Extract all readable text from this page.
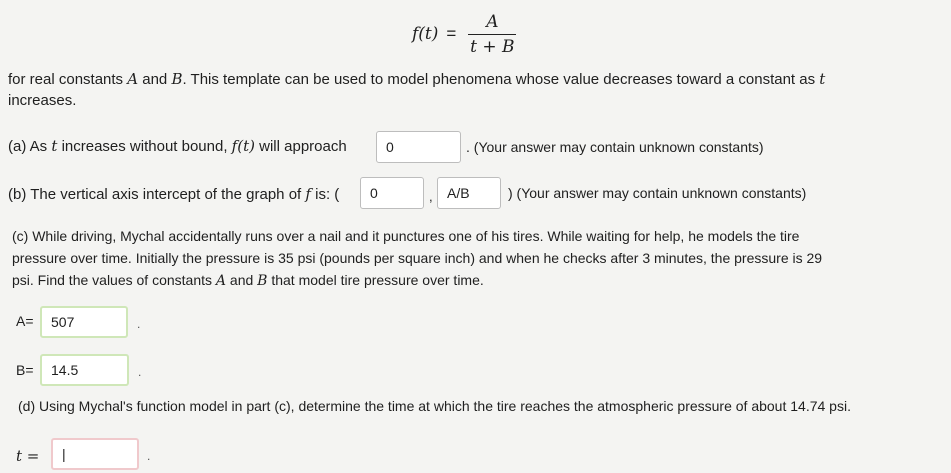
$f(t) = \frac{A}{t + B}$
for real constants A and B. This template can be used to model phenomena whose value decreases toward a constant as t
increases.
(a) As t increases without bound, f(t) will approach	0	. (Your answer may contain unknown constants)
(b) The vertical axis intercept of the graph of f is: ( 0	, A/B	) (Your answer may contain unknown constants)
(c) While driving, Mychal accidentally runs over a nail and it punctures one of his tires. While waiting for help, he models the tire
pressure over time. Initially the pressure is 35 psi (pounds per square inch) and when he checks after 3 minutes, the pressure is 29
psi. Find the values of constants A and B that model tire pressure over time.
A= 507	.
B= 14.5	.
(d) Using Mychal's function model in part (c), determine the time at which the tire reaches the atmospheric pressure of about 14.74 psi.
t = |	.
